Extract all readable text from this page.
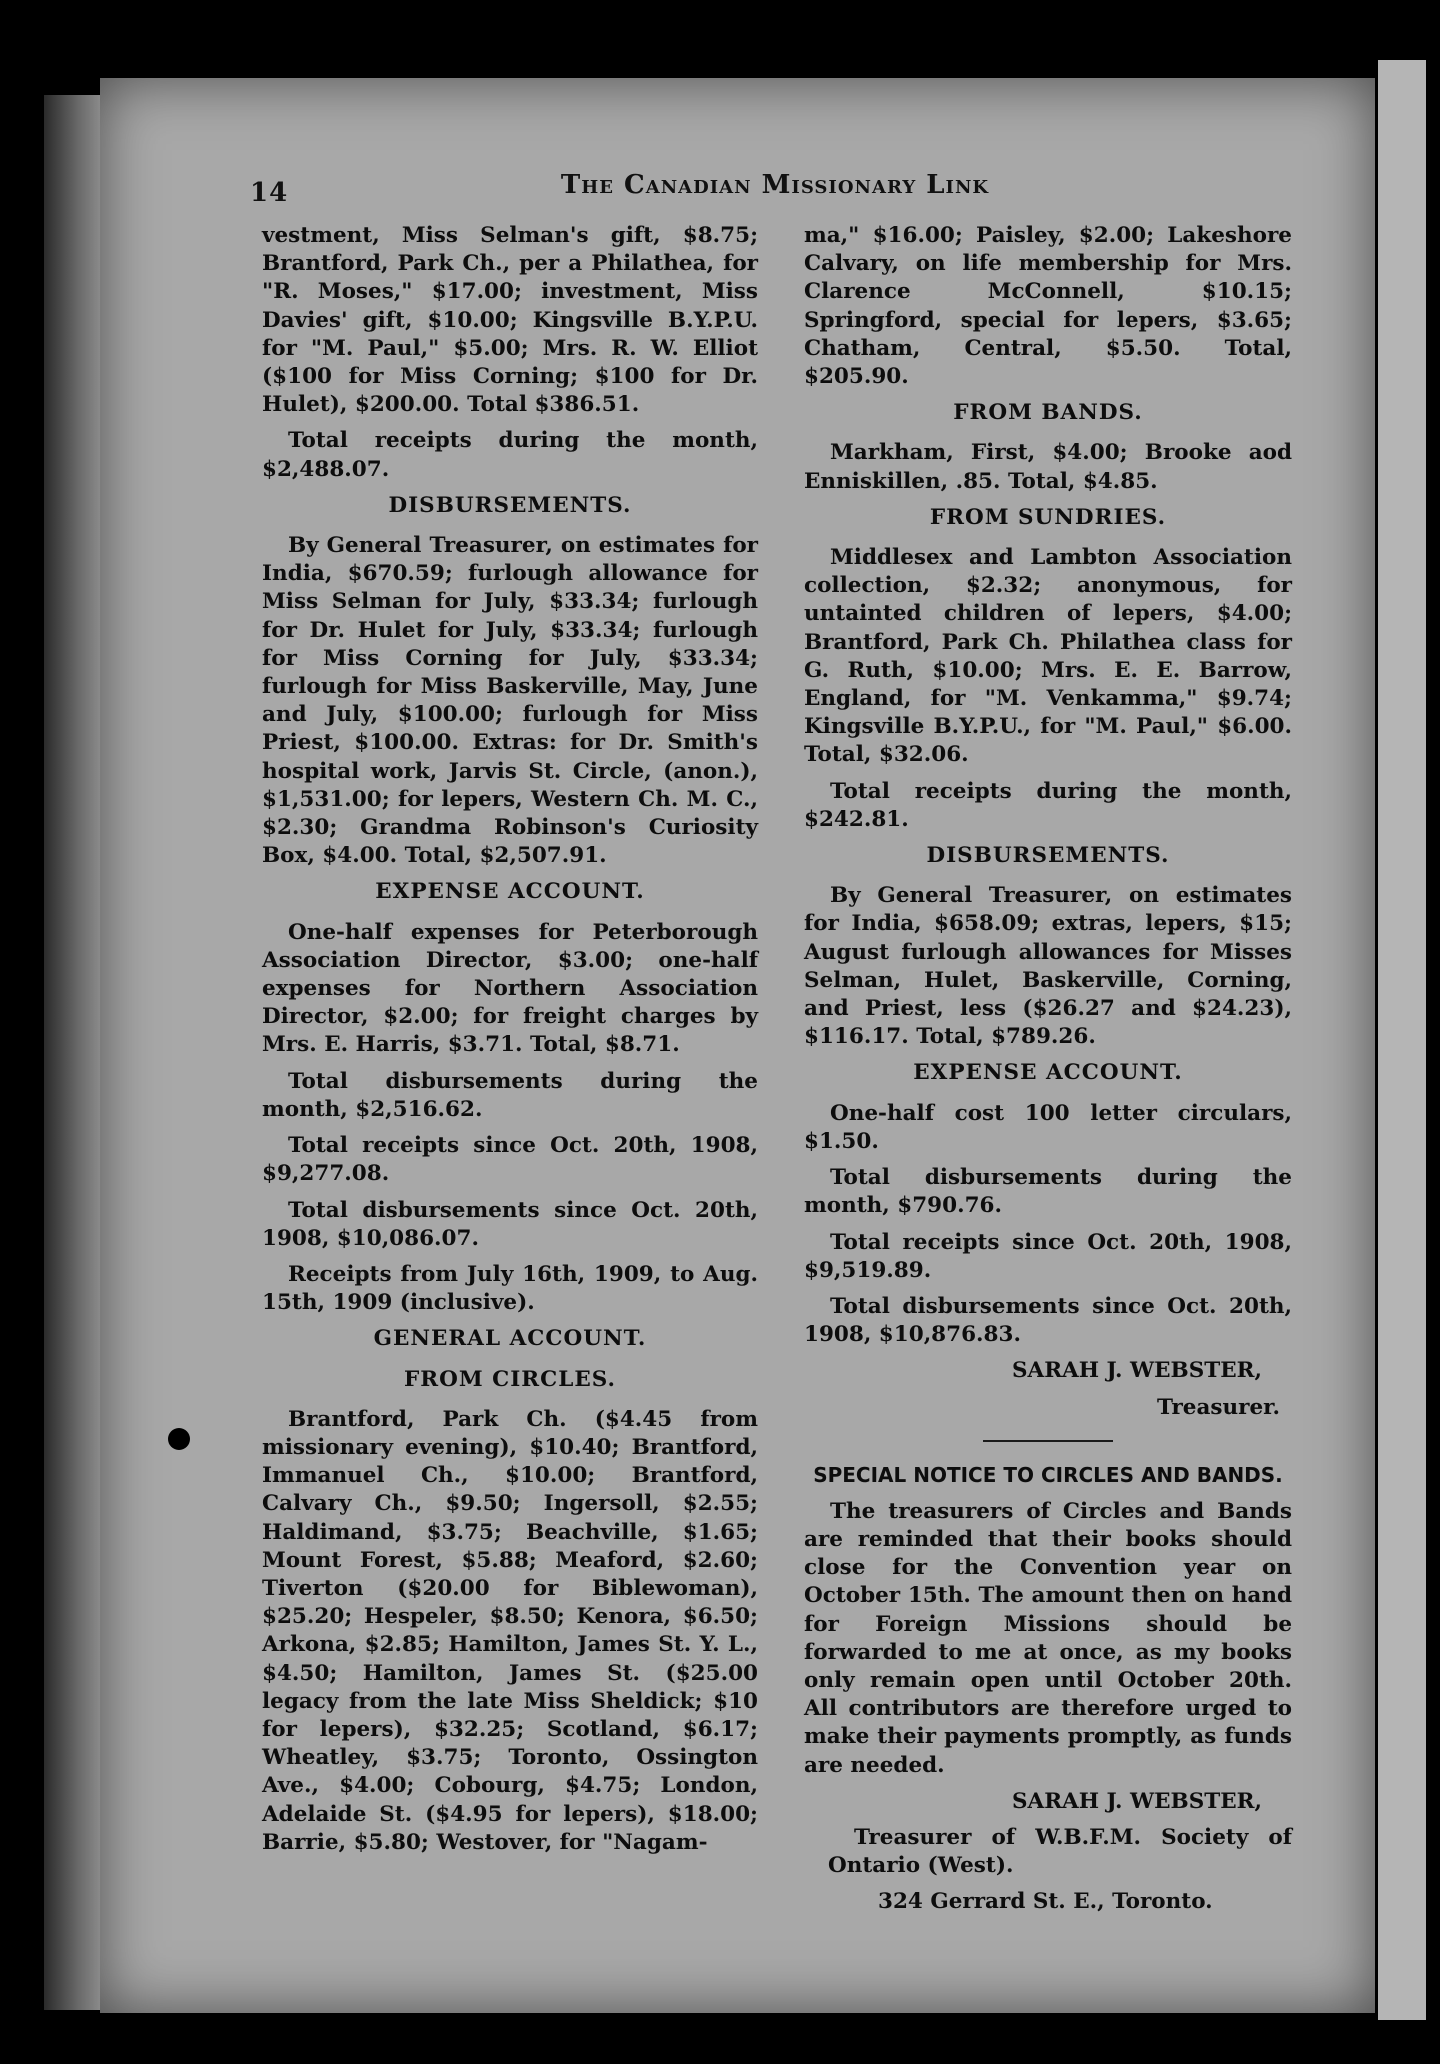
14	The Canadian Missionary Link

vestment, Miss Selman's gift, $8.75; Brantford, Park Ch., per a Philathea, for "R. Moses," $17.00; investment, Miss Davies' gift, $10.00; Kingsville B.Y.P.U. for "M. Paul," $5.00; Mrs. R. W. Elliot ($100 for Miss Corning; $100 for Dr. Hulet), $200.00. Total $386.51.

Total receipts during the month, $2,488.07.

DISBURSEMENTS.

By General Treasurer, on estimates for India, $670.59; furlough allowance for Miss Selman for July, $33.34; furlough for Dr. Hulet for July, $33.34; furlough for Miss Corning for July, $33.34; furlough for Miss Baskerville, May, June and July, $100.00; furlough for Miss Priest, $100.00. Extras: for Dr. Smith's hospital work, Jarvis St. Circle, (anon.), $1,531.00; for lepers, Western Ch. M. C., $2.30; Grandma Robinson's Curiosity Box, $4.00. Total, $2,507.91.

EXPENSE ACCOUNT.

One-half expenses for Peterborough Association Director, $3.00; one-half expenses for Northern Association Director, $2.00; for freight charges by Mrs. E. Harris, $3.71. Total, $8.71.

Total disbursements during the month, $2,516.62.

Total receipts since Oct. 20th, 1908, $9,277.08.

Total disbursements since Oct. 20th, 1908, $10,086.07.

Receipts from July 16th, 1909, to Aug. 15th, 1909 (inclusive).

GENERAL ACCOUNT.
FROM CIRCLES.

Brantford, Park Ch. ($4.45 from missionary evening), $10.40; Brantford, Immanuel Ch., $10.00; Brantford, Calvary Ch., $9.50; Ingersoll, $2.55; Haldimand, $3.75; Beachville, $1.65; Mount Forest, $5.88; Meaford, $2.60; Tiverton ($20.00 for Biblewoman), $25.20; Hespeler, $8.50; Kenora, $6.50; Arkona, $2.85; Hamilton, James St. Y. L., $4.50; Hamilton, James St. ($25.00 legacy from the late Miss Sheldick; $10 for lepers), $32.25; Scotland, $6.17; Wheatley, $3.75; Toronto, Ossington Ave., $4.00; Cobourg, $4.75; London, Adelaide St. ($4.95 for lepers), $18.00; Barrie, $5.80; Westover, for "Nagam-

ma," $16.00; Paisley, $2.00; Lakeshore Calvary, on life membership for Mrs. Clarence McConnell, $10.15; Springford, special for lepers, $3.65; Chatham, Central, $5.50. Total, $205.90.

FROM BANDS.

Markham, First, $4.00; Brooke aod Enniskillen, .85. Total, $4.85.

FROM SUNDRIES.

Middlesex and Lambton Association collection, $2.32; anonymous, for untainted children of lepers, $4.00; Brantford, Park Ch. Philathea class for G. Ruth, $10.00; Mrs. E. E. Barrow, England, for "M. Venkamma," $9.74; Kingsville B.Y.P.U., for "M. Paul," $6.00. Total, $32.06.

Total receipts during the month, $242.81.

DISBURSEMENTS.

By General Treasurer, on estimates for India, $658.09; extras, lepers, $15; August furlough allowances for Misses Selman, Hulet, Baskerville, Corning, and Priest, less ($26.27 and $24.23), $116.17. Total, $789.26.

EXPENSE ACCOUNT.

One-half cost 100 letter circulars, $1.50.

Total disbursements during the month, $790.76.

Total receipts since Oct. 20th, 1908, $9,519.89.

Total disbursements since Oct. 20th, 1908, $10,876.83.

SARAH J. WEBSTER,

Treasurer.

SPECIAL NOTICE TO CIRCLES AND BANDS.

The treasurers of Circles and Bands are reminded that their books should close for the Convention year on October 15th. The amount then on hand for Foreign Missions should be forwarded to me at once, as my books only remain open until October 20th. All contributors are therefore urged to make their payments promptly, as funds are needed.

SARAH J. WEBSTER,

Treasurer of W.B.F.M. Society of Ontario (West).

324 Gerrard St. E., Toronto.
